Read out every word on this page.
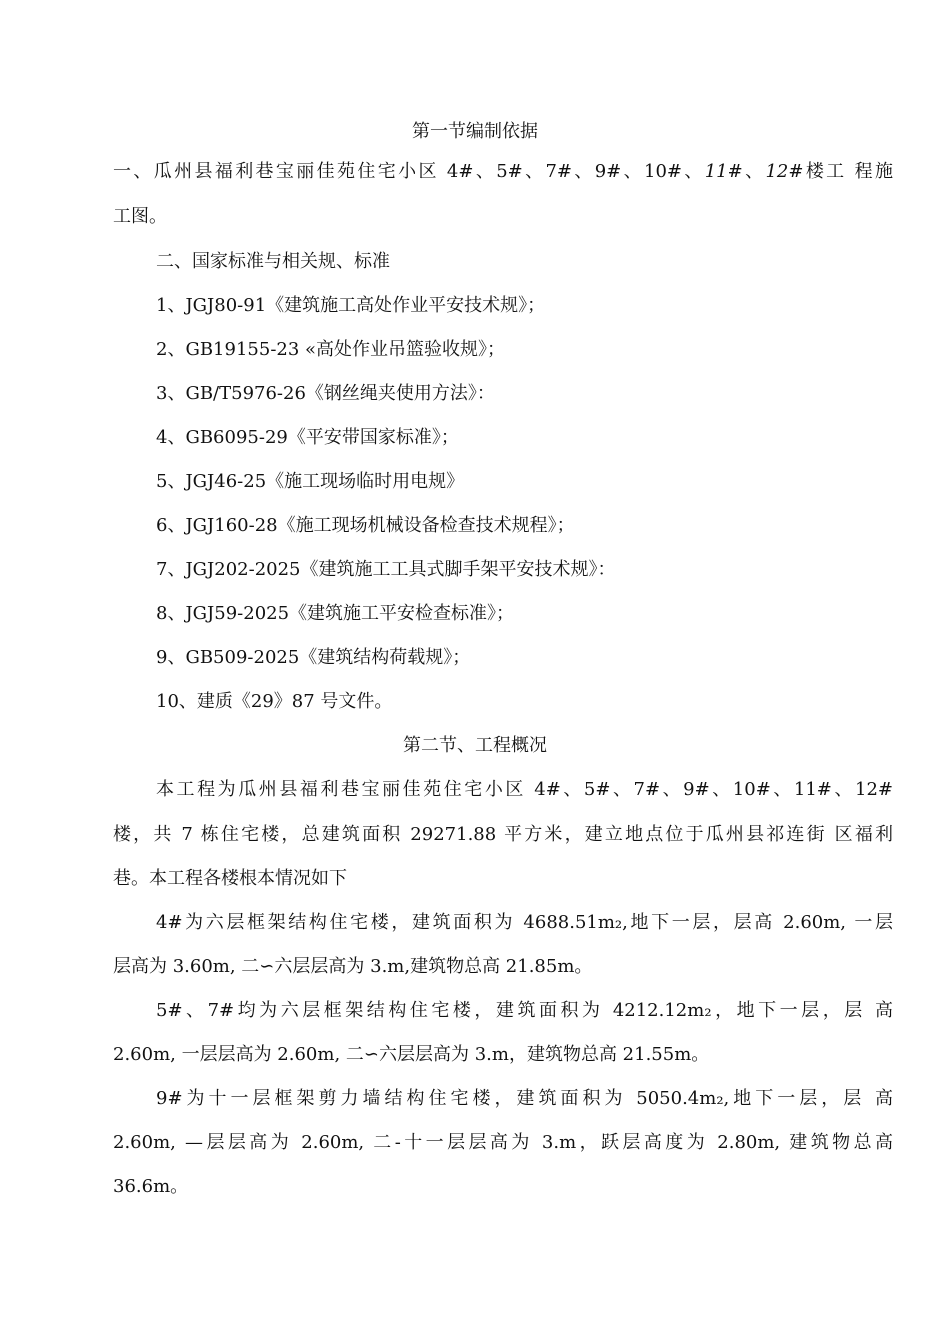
第一节编制依据
一、瓜州县福利巷宝丽佳苑住宅小区 4#、5#、7#、9#、10#、11#、12#楼工 程施
工图。
二、国家标准与相关规、标准
1、JGJ80-91《建筑施工高处作业平安技术规》；
2、GB19155-23 «高处作业吊篮验收规》；
3、GB/T5976-26《钢丝绳夹使用方法》：
4、GB6095-29《平安带国家标准》；
5、JGJ46-25《施工现场临时用电规》
6、JGJ160-28《施工现场机械设备检查技术规程》；
7、JGJ202-2025《建筑施工工具式脚手架平安技术规》：
8、JGJ59-2025《建筑施工平安检查标准》；
9、GB509-2025《建筑结构荷载规》；
10、建质《29》87 号文件。
第二节、工程概况
本工程为瓜州县福利巷宝丽佳苑住宅小区 4#、5#、7#、9#、10#、11#、12#
楼，共 7 栋住宅楼，总建筑面积 29271.88 平方米，建立地点位于瓜州县祁连街 区福利
巷。本工程各楼根本情况如下
4#为六层框架结构住宅楼，建筑面积为 4688.51m₂,地下一层，层高 2.60m, 一层
层高为 3.60m, 二∽六层层高为 3.m,建筑物总高 21.85m。
5#、7#均为六层框架结构住宅楼，建筑面积为 4212.12m₂，地下一层，层 高
2.60m, 一层层高为 2.60m, 二∽六层层高为 3.m，建筑物总高 21.55m。
9#为十一层框架剪力墙结构住宅楼，建筑面积为 5050.4m₂,地下一层，层 高
2.60m, —层层高为 2.60m, 二-十一层层高为 3.m，跃层高度为 2.80m, 建筑物总高
36.6m。
